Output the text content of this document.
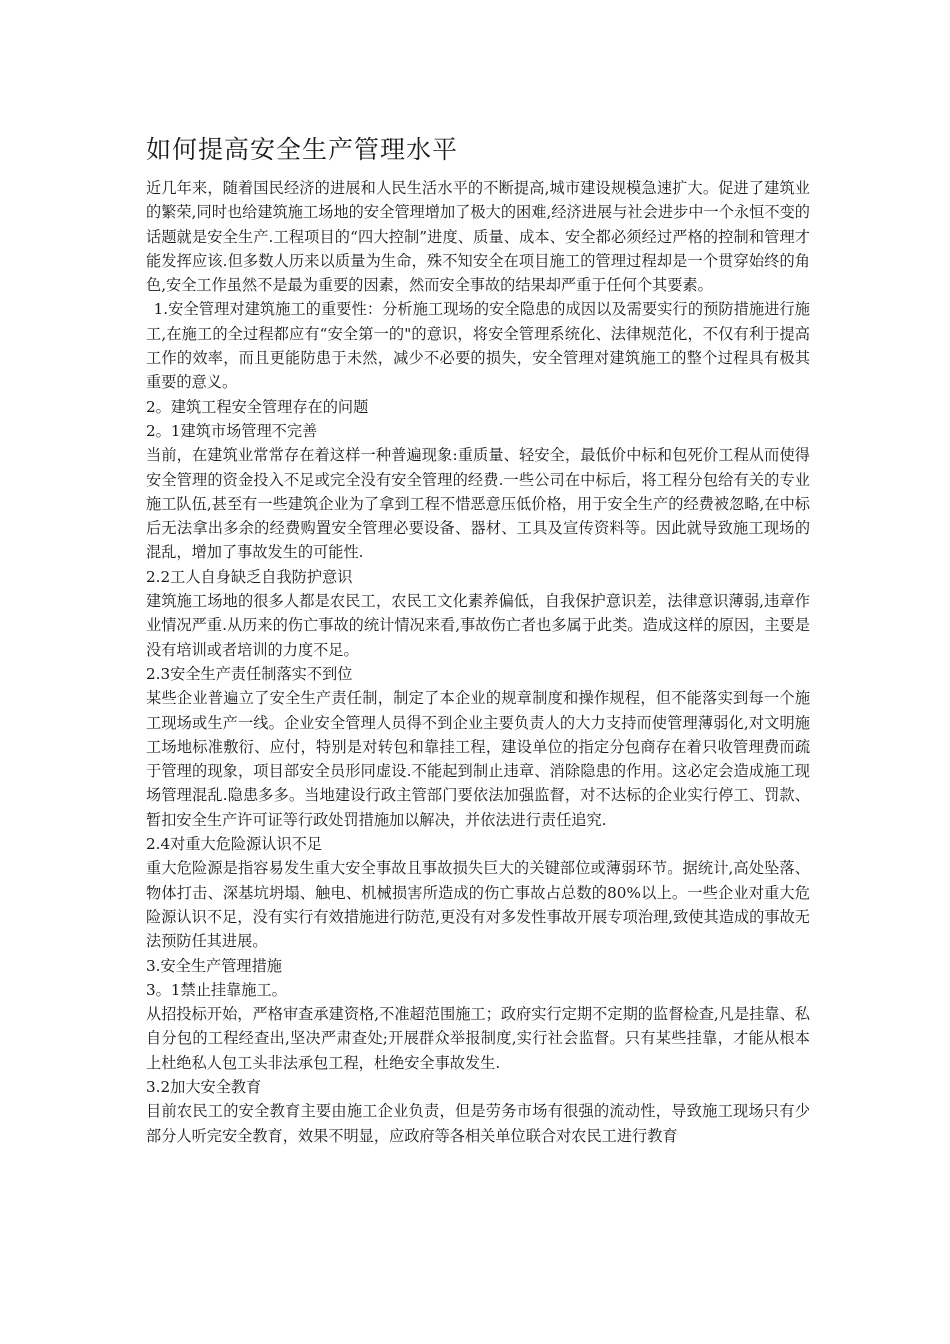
如何提高安全生产管理水平

近几年来，随着国民经济的进展和人民生活水平的不断提高,城市建设规模急速扩大。促进了建筑业的繁荣,同时也给建筑施工场地的安全管理增加了极大的困难,经济进展与社会进步中一个永恒不变的话题就是安全生产.工程项目的“四大控制”进度、质量、成本、安全都必须经过严格的控制和管理才能发挥应该.但多数人历来以质量为生命，殊不知安全在项目施工的管理过程却是一个贯穿始终的角色,安全工作虽然不是最为重要的因素，然而安全事故的结果却严重于任何个其要素。

1.安全管理对建筑施工的重要性：分析施工现场的安全隐患的成因以及需要实行的预防措施进行施工,在施工的全过程都应有“安全第一的"的意识，将安全管理系统化、法律规范化，不仅有利于提高工作的效率，而且更能防患于未然，减少不必要的损失，安全管理对建筑施工的整个过程具有极其重要的意义。

2。建筑工程安全管理存在的问题

2。1建筑市场管理不完善

当前，在建筑业常常存在着这样一种普遍现象:重质量、轻安全，最低价中标和包死价工程从而使得安全管理的资金投入不足或完全没有安全管理的经费.一些公司在中标后，将工程分包给有关的专业施工队伍,甚至有一些建筑企业为了拿到工程不惜恶意压低价格，用于安全生产的经费被忽略,在中标后无法拿出多余的经费购置安全管理必要设备、器材、工具及宣传资料等。因此就导致施工现场的混乱，增加了事故发生的可能性.

2.2工人自身缺乏自我防护意识

建筑施工场地的很多人都是农民工，农民工文化素养偏低，自我保护意识差，法律意识薄弱,违章作业情况严重.从历来的伤亡事故的统计情况来看,事故伤亡者也多属于此类。造成这样的原因，主要是没有培训或者培训的力度不足。

2.3安全生产责任制落实不到位

某些企业普遍立了安全生产责任制，制定了本企业的规章制度和操作规程，但不能落实到每一个施工现场或生产一线。企业安全管理人员得不到企业主要负责人的大力支持而使管理薄弱化,对文明施工场地标准敷衍、应付，特别是对转包和靠挂工程，建设单位的指定分包商存在着只收管理费而疏于管理的现象，项目部安全员形同虚设.不能起到制止违章、消除隐患的作用。这必定会造成施工现场管理混乱.隐患多多。当地建设行政主管部门要依法加强监督，对不达标的企业实行停工、罚款、暂扣安全生产许可证等行政处罚措施加以解决，并依法进行责任追究.

2.4对重大危险源认识不足

重大危险源是指容易发生重大安全事故且事故损失巨大的关键部位或薄弱环节。据统计,高处坠落、物体打击、深基坑坍塌、触电、机械损害所造成的伤亡事故占总数的80%以上。一些企业对重大危险源认识不足，没有实行有效措施进行防范,更没有对多发性事故开展专项治理,致使其造成的事故无法预防任其进展。

3.安全生产管理措施

3。1禁止挂靠施工。

从招投标开始，严格审查承建资格,不准超范围施工；政府实行定期不定期的监督检查,凡是挂靠、私自分包的工程经查出,坚决严肃查处;开展群众举报制度,实行社会监督。只有某些挂靠，才能从根本上杜绝私人包工头非法承包工程，杜绝安全事故发生.

3.2加大安全教育

目前农民工的安全教育主要由施工企业负责，但是劳务市场有很强的流动性，导致施工现场只有少部分人听完安全教育，效果不明显，应政府等各相关单位联合对农民工进行教育
